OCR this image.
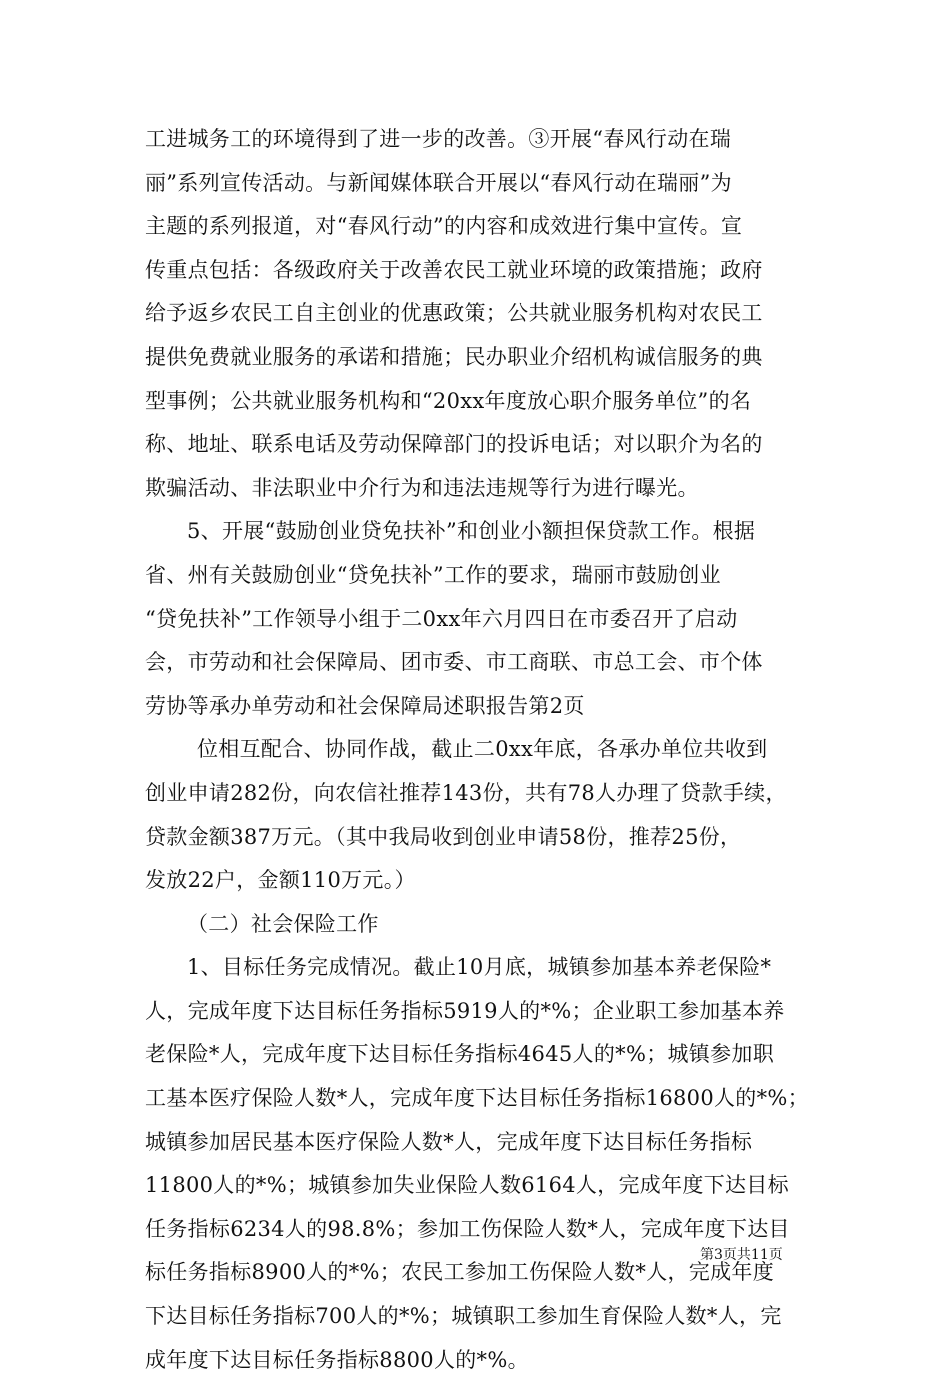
工进城务工的环境得到了进一步的改善。③开展“春风行动在瑞
丽”系列宣传活动。与新闻媒体联合开展以“春风行动在瑞丽”为
主题的系列报道，对“春风行动”的内容和成效进行集中宣传。宣
传重点包括：各级政府关于改善农民工就业环境的政策措施；政府
给予返乡农民工自主创业的优惠政策；公共就业服务机构对农民工
提供免费就业服务的承诺和措施；民办职业介绍机构诚信服务的典
型事例；公共就业服务机构和“20xx年度放心职介服务单位”的名
称、地址、联系电话及劳动保障部门的投诉电话；对以职介为名的
欺骗活动、非法职业中介行为和违法违规等行为进行曝光。
5、开展“鼓励创业贷免扶补”和创业小额担保贷款工作。根据
省、州有关鼓励创业“贷免扶补”工作的要求，瑞丽市鼓励创业
“贷免扶补”工作领导小组于二0xx年六月四日在市委召开了启动
会，市劳动和社会保障局、团市委、市工商联、市总工会、市个体
劳协等承办单劳动和社会保障局述职报告第2页
位相互配合、协同作战，截止二0xx年底，各承办单位共收到
创业申请282份，向农信社推荐143份，共有78人办理了贷款手续，
贷款金额387万元。（其中我局收到创业申请58份，推荐25份，
发放22户，金额110万元。）
（二）社会保险工作
1、目标任务完成情况。截止10月底，城镇参加基本养老保险*
人，完成年度下达目标任务指标5919人的*%；企业职工参加基本养
老保险*人，完成年度下达目标任务指标4645人的*%；城镇参加职
工基本医疗保险人数*人，完成年度下达目标任务指标16800人的*%；
城镇参加居民基本医疗保险人数*人，完成年度下达目标任务指标
11800人的*%；城镇参加失业保险人数6164人，完成年度下达目标
任务指标6234人的98.8%；参加工伤保险人数*人，完成年度下达目
标任务指标8900人的*%；农民工参加工伤保险人数*人，完成年度
下达目标任务指标700人的*%；城镇职工参加生育保险人数*人，完
成年度下达目标任务指标8800人的*%。
第3页共11页
